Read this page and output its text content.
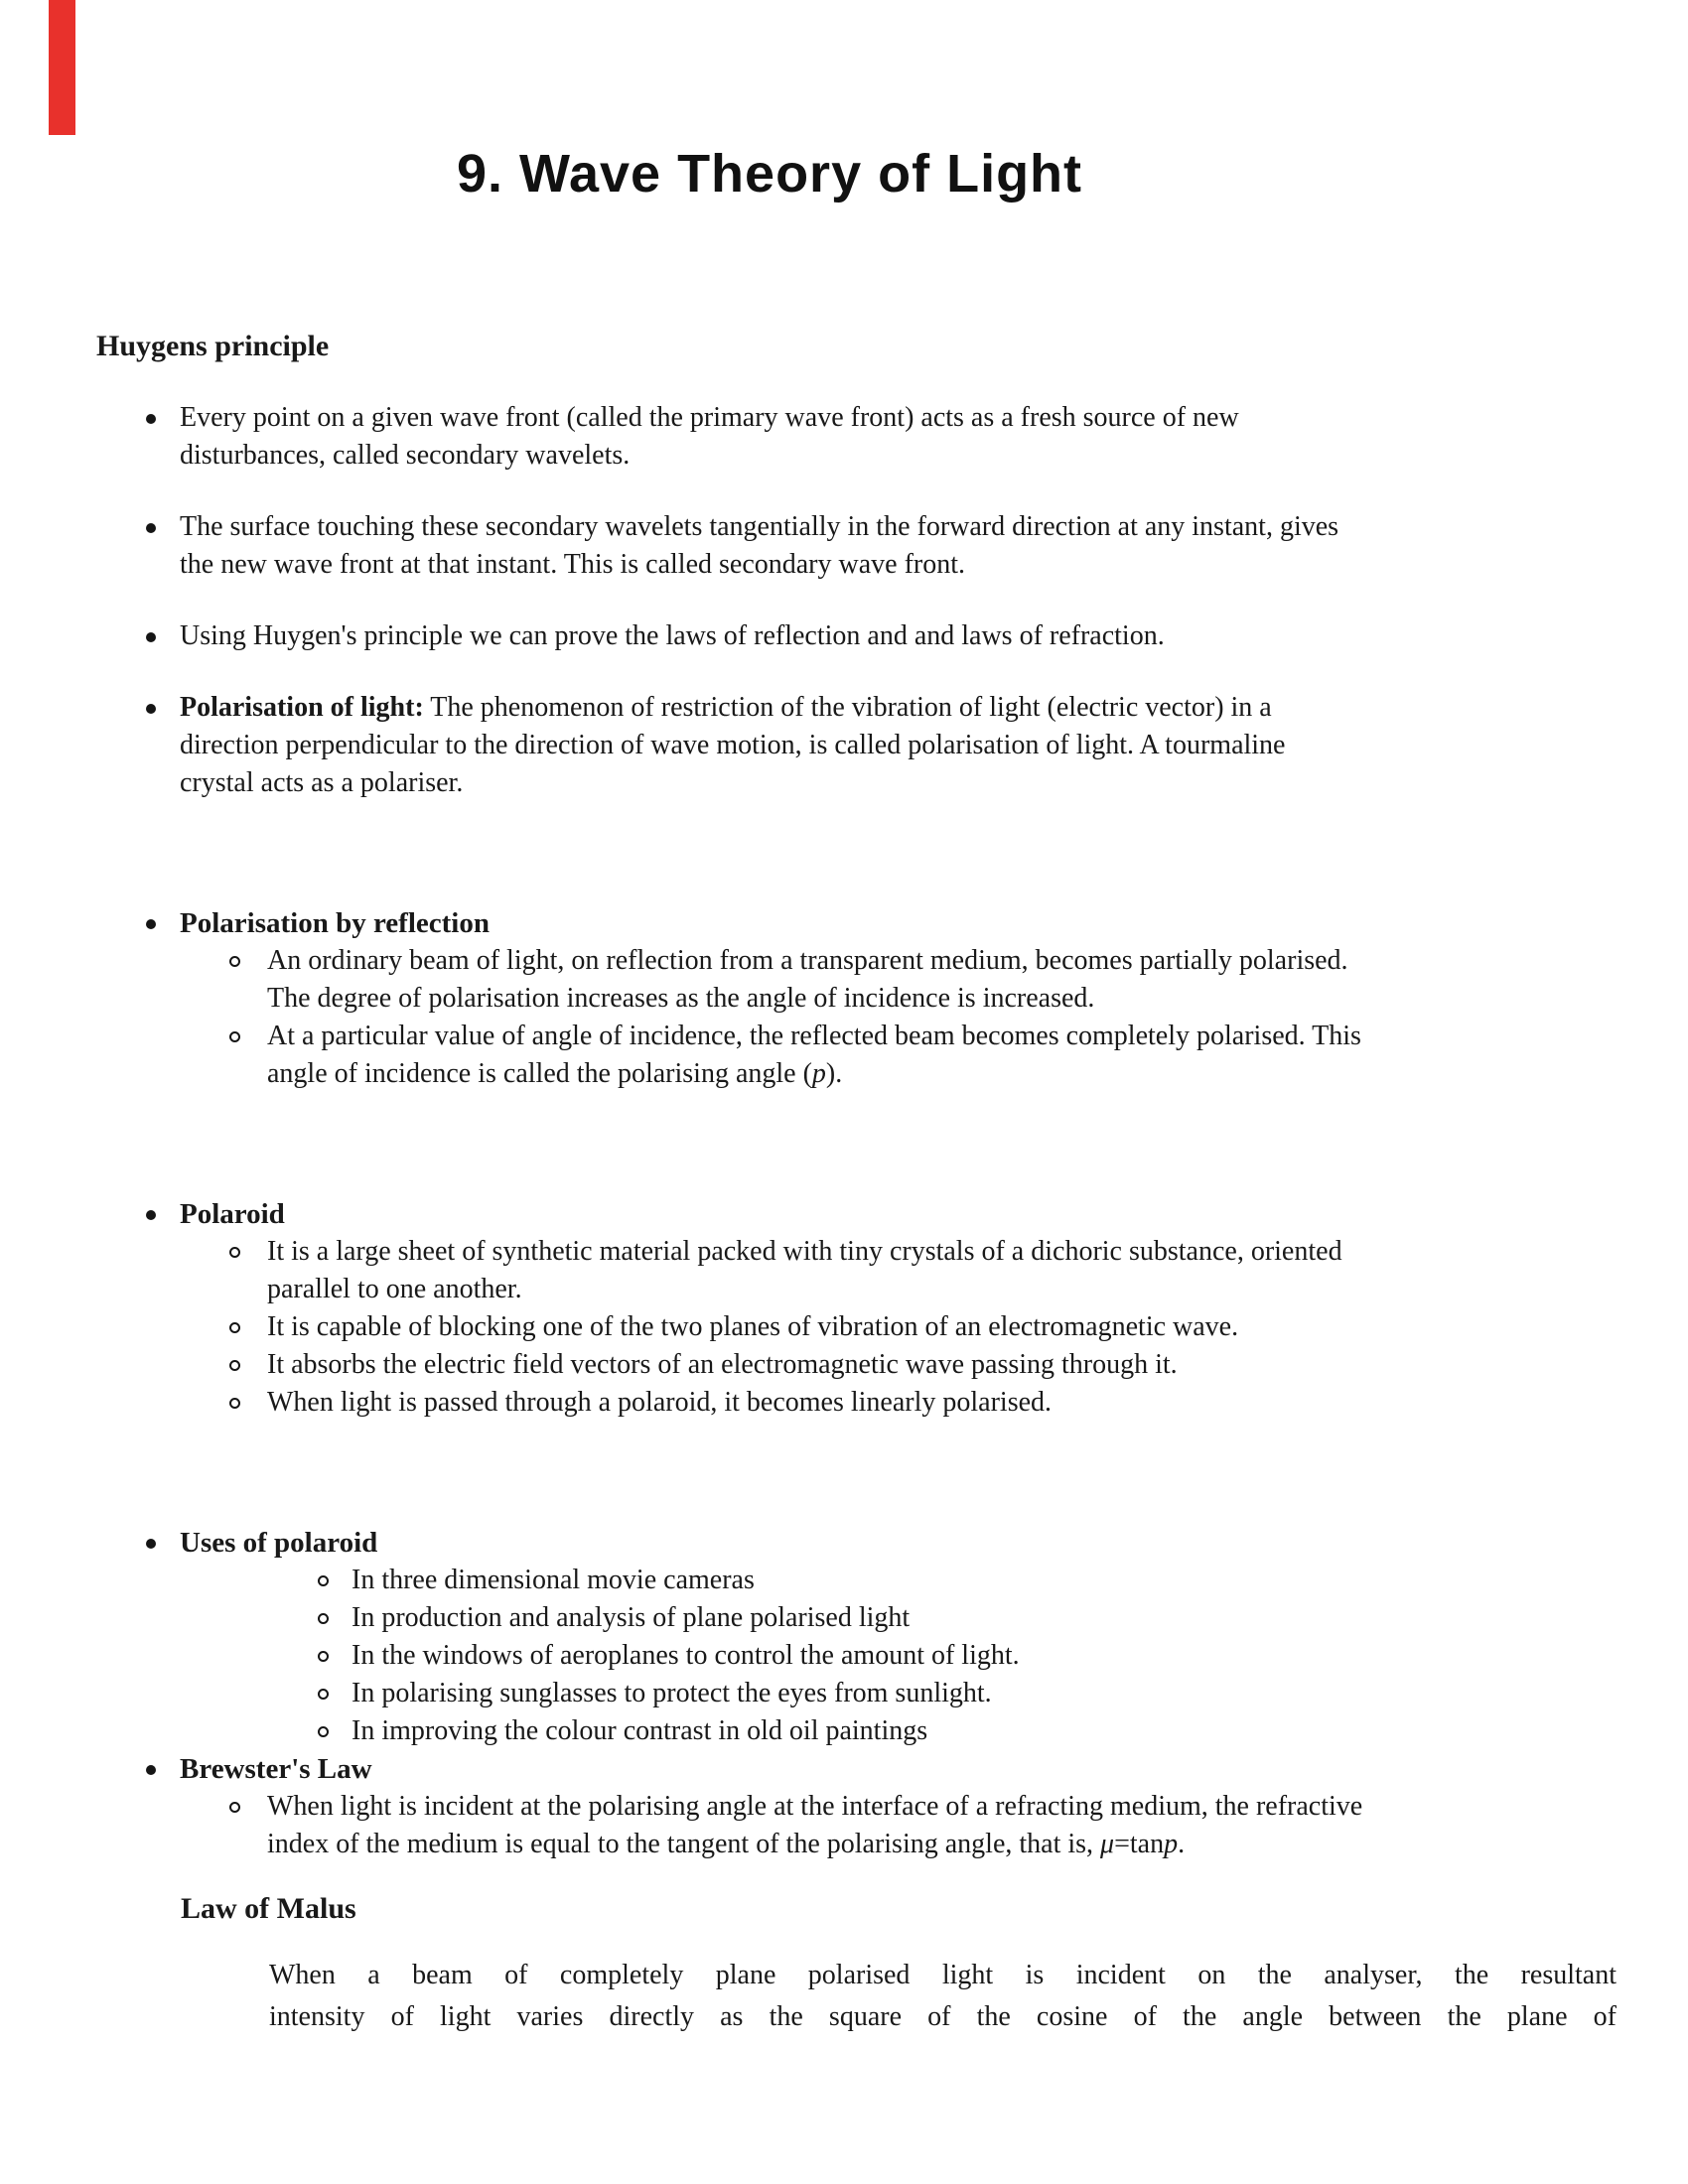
9. Wave Theory of Light
Huygens principle
Every point on a given wave front (called the primary wave front) acts as a fresh source of new
disturbances, called secondary wavelets.
The surface touching these secondary wavelets tangentially in the forward direction at any instant, gives
the new wave front at that instant. This is called secondary wave front.
Using Huygen's principle we can prove the laws of reflection and and laws of refraction.
Polarisation of light: The phenomenon of restriction of the vibration of light (electric vector) in a
direction perpendicular to the direction of wave motion, is called polarisation of light. A tourmaline
crystal acts as a polariser.
Polarisation by reflection
An ordinary beam of light, on reflection from a transparent medium, becomes partially polarised.
The degree of polarisation increases as the angle of incidence is increased.
At a particular value of angle of incidence, the reflected beam becomes completely polarised. This
angle of incidence is called the polarising angle (p).
Polaroid
It is a large sheet of synthetic material packed with tiny crystals of a dichoric substance, oriented
parallel to one another.
It is capable of blocking one of the two planes of vibration of an electromagnetic wave.
It absorbs the electric field vectors of an electromagnetic wave passing through it.
When light is passed through a polaroid, it becomes linearly polarised.
Uses of polaroid
In three dimensional movie cameras
In production and analysis of plane polarised light
In the windows of aeroplanes to control the amount of light.
In polarising sunglasses to protect the eyes from sunlight.
In improving the colour contrast in old oil paintings
Brewster's Law
When light is incident at the polarising angle at the interface of a refracting medium, the refractive
index of the medium is equal to the tangent of the polarising angle, that is, μ=tanp.
Law of Malus
When a beam of completely plane polarised light is incident on the analyser, the resultant
intensity of light varies directly as the square of the cosine of the angle between the plane of
